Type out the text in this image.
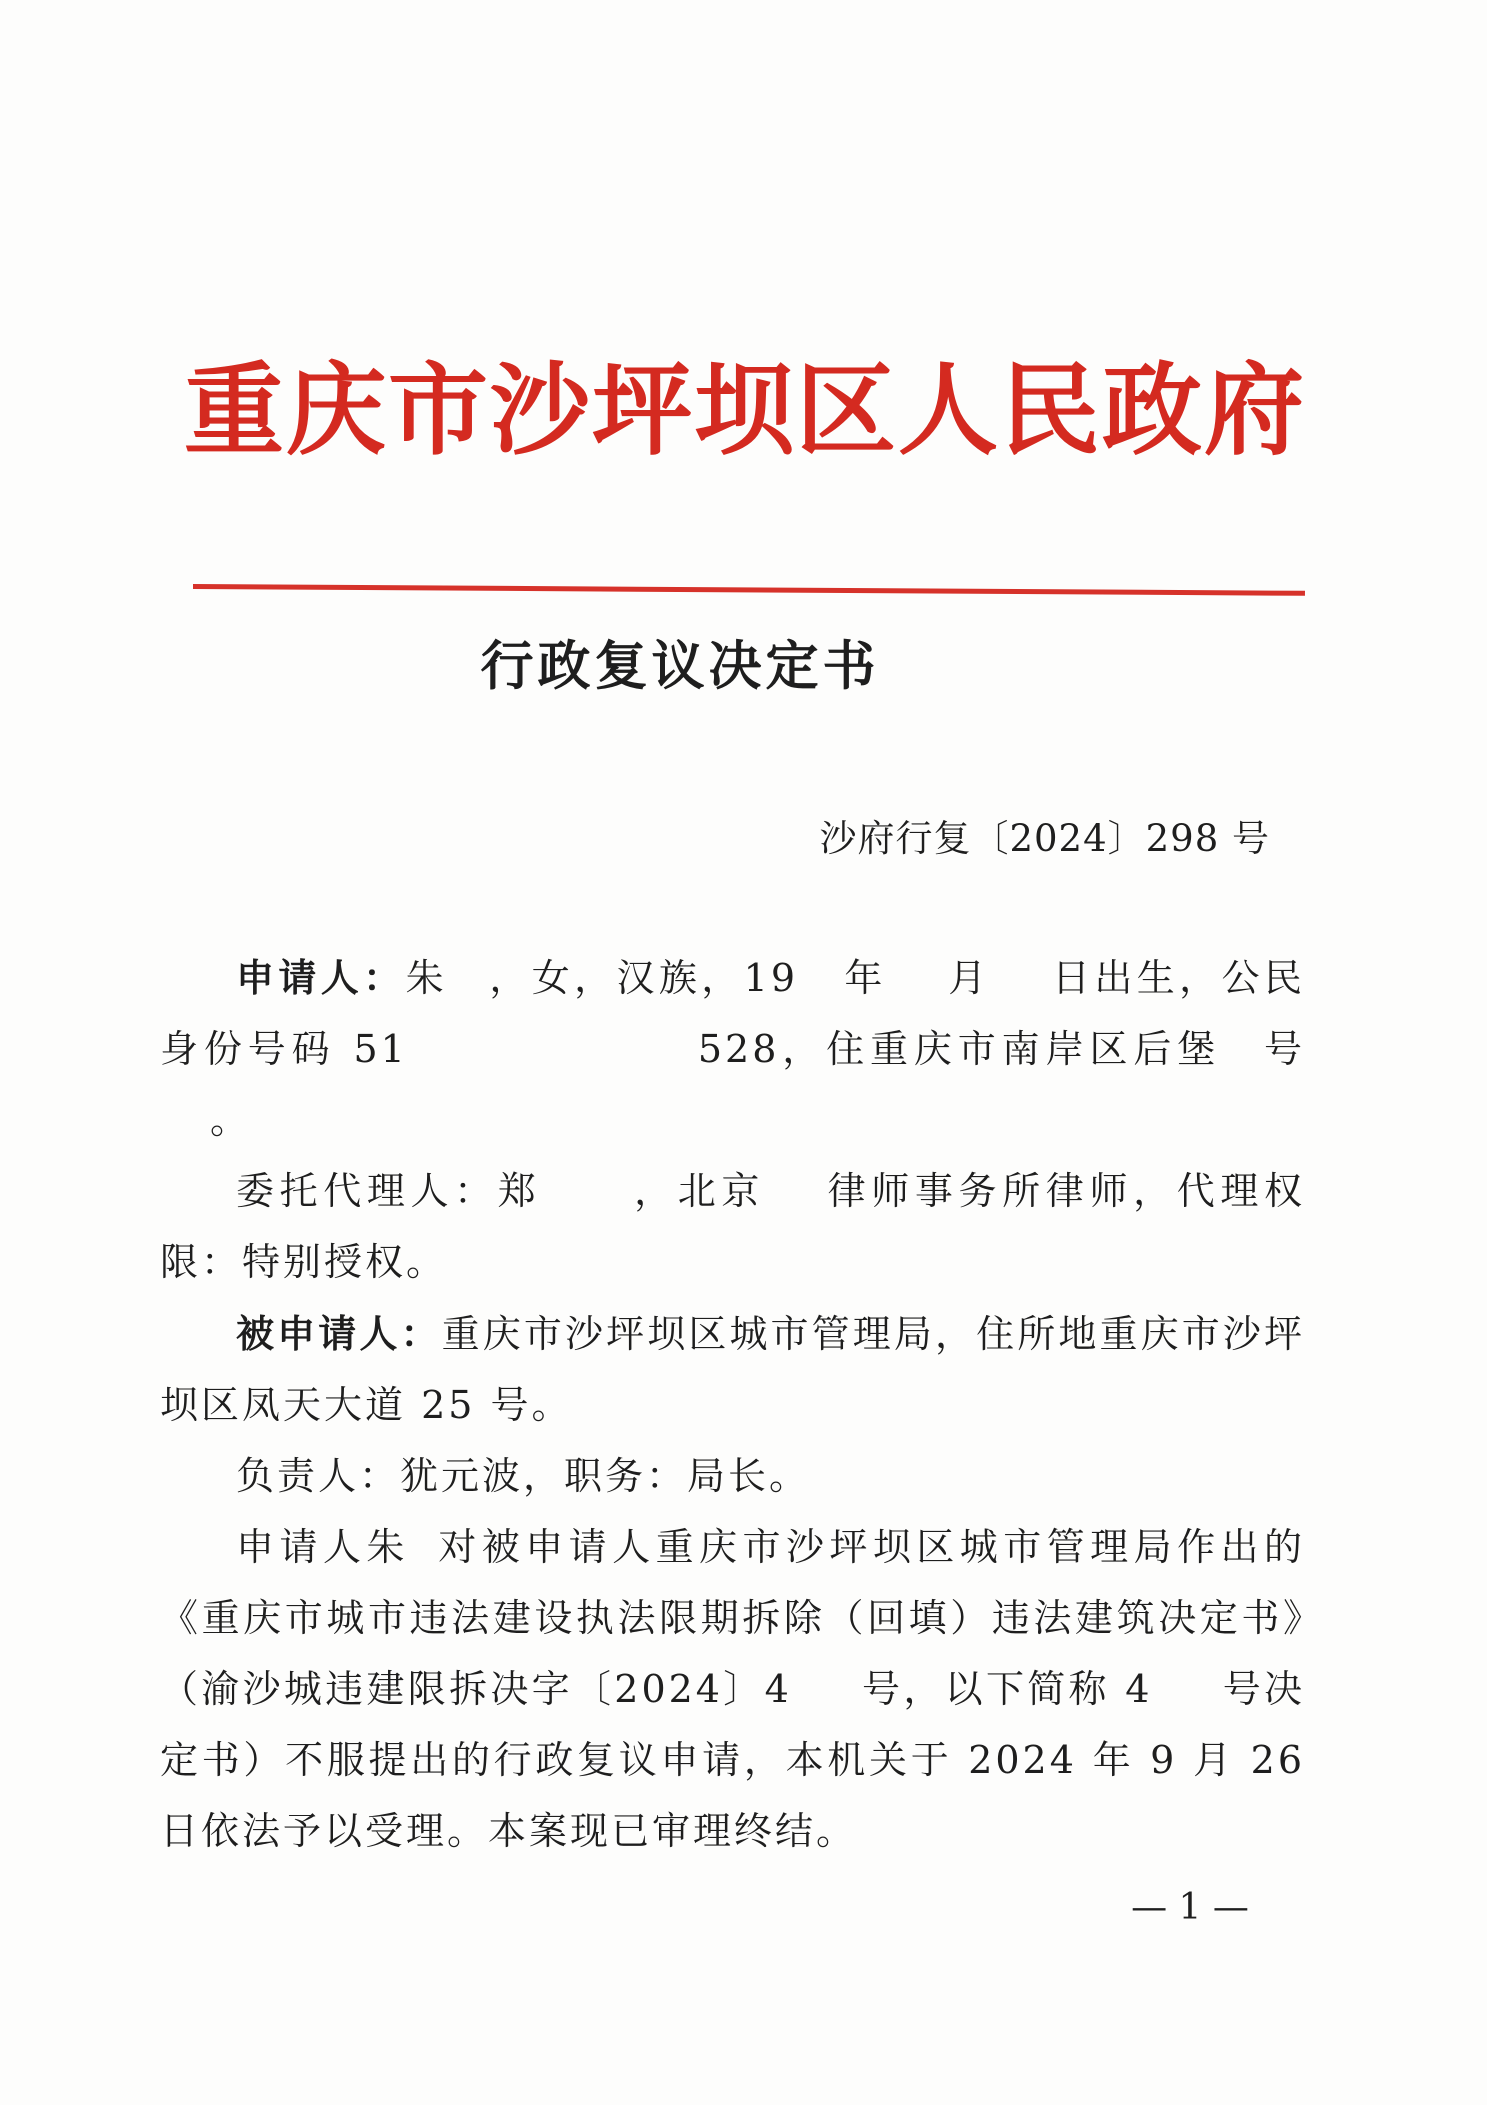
重庆市沙坪坝区人民政府
行政复议决定书
沙府行复〔2024〕298 号

申请人：朱 ，女，汉族，19 年 月 日出生，公民身份号码 51	528，住重庆市南岸区后堡 号。

委托代理人：郑 ，北京 律师事务所律师，代理权限：特别授权。

被申请人：重庆市沙坪坝区城市管理局，住所地重庆市沙坪坝区凤天大道 25 号。

负责人：犹元波，职务：局长。

申请人朱 对被申请人重庆市沙坪坝区城市管理局作出的《重庆市城市违法建设执法限期拆除（回填）违法建筑决定书》（渝沙城违建限拆决字〔2024〕4 号，以下简称 4 号决定书）不服提出的行政复议申请，本机关于 2024 年 9 月 26 日依法予以受理。本案现已审理终结。

— 1 —
